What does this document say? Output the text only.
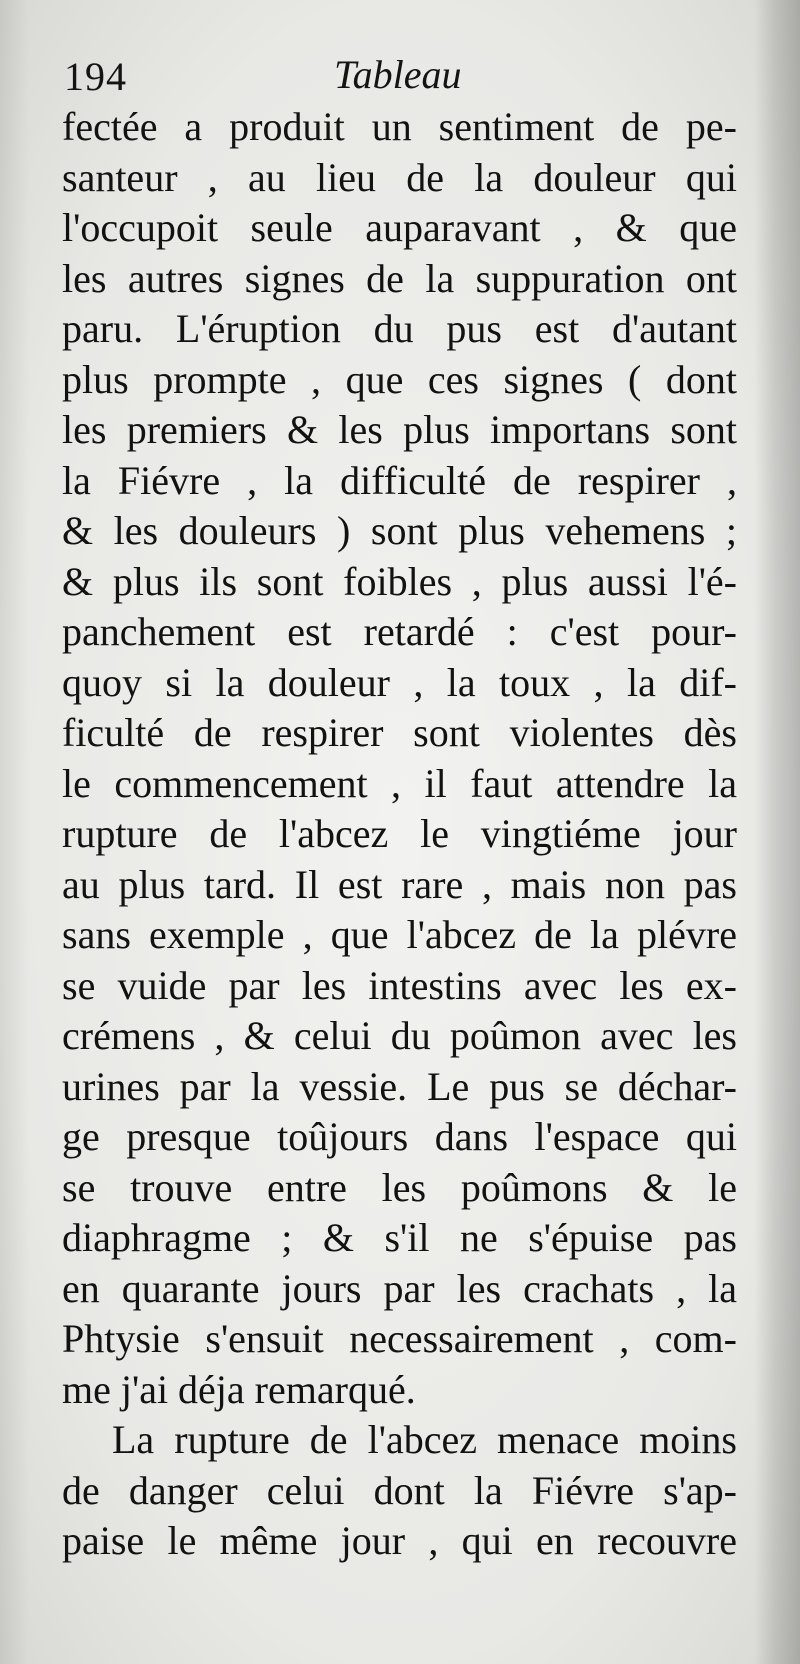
194	Tableau
fectée a produit un sentiment de pe-
santeur , au lieu de la douleur qui
l'occupoit seule auparavant , & que
les autres signes de la suppuration ont
paru. L'éruption du pus est d'autant
plus prompte , que ces signes ( dont
les premiers & les plus importans sont
la Fiévre , la difficulté de respirer ,
& les douleurs ) sont plus vehemens ;
& plus ils sont foibles , plus aussi l'é-
panchement est retardé : c'est pour-
quoy si la douleur , la toux , la dif-
ficulté de respirer sont violentes dès
le commencement , il faut attendre la
rupture de l'abcez le vingtiéme jour
au plus tard. Il est rare , mais non pas
sans exemple , que l'abcez de la plévre
se vuide par les intestins avec les ex-
crémens , & celui du poûmon avec les
urines par la vessie. Le pus se déchar-
ge presque toûjours dans l'espace qui
se trouve entre les poûmons & le
diaphragme ; & s'il ne s'épuise pas
en quarante jours par les crachats , la
Phtysie s'ensuit necessairement , com-
me j'ai déja remarqué.
La rupture de l'abcez menace moins
de danger celui dont la Fiévre s'ap-
paise le même jour , qui en recouvre
